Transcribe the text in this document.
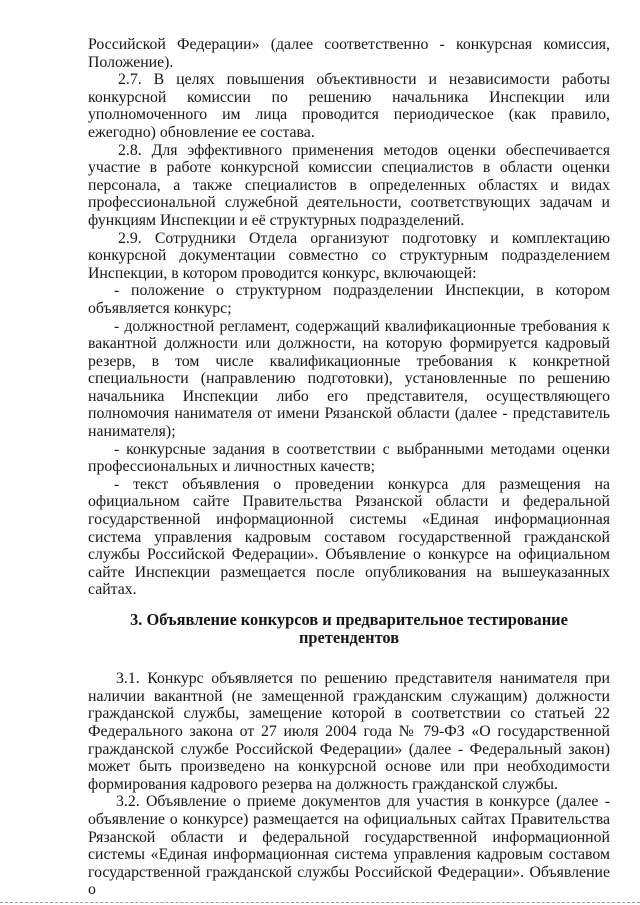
Российской Федерации» (далее соответственно - конкурсная комиссия, Положение).

2.7. В целях повышения объективности и независимости работы конкурсной комиссии по решению начальника Инспекции или уполномоченного им лица проводится периодическое (как правило, ежегодно) обновление ее состава.

2.8. Для эффективного применения методов оценки обеспечивается участие в работе конкурсной комиссии специалистов в области оценки персонала, а также специалистов в определенных областях и видах профессиональной служебной деятельности, соответствующих задачам и функциям Инспекции и её структурных подразделений.

2.9. Сотрудники Отдела организуют подготовку и комплектацию конкурсной документации совместно со структурным подразделением Инспекции, в котором проводится конкурс, включающей:

- положение о структурном подразделении Инспекции, в котором объявляется конкурс;

- должностной регламент, содержащий квалификационные требования к вакантной должности или должности, на которую формируется кадровый резерв, в том числе квалификационные требования к конкретной специальности (направлению подготовки), установленные по решению начальника Инспекции либо его представителя, осуществляющего полномочия нанимателя от имени Рязанской области (далее - представитель нанимателя);

- конкурсные задания в соответствии с выбранными методами оценки профессиональных и личностных качеств;

- текст объявления о проведении конкурса для размещения на официальном сайте Правительства Рязанской области и федеральной государственной информационной системы «Единая информационная система управления кадровым составом государственной гражданской службы Российской Федерации». Объявление о конкурсе на официальном сайте Инспекции размещается после опубликования на вышеуказанных сайтах.

3. Объявление конкурсов и предварительное тестирование претендентов

3.1. Конкурс объявляется по решению представителя нанимателя при наличии вакантной (не замещенной гражданским служащим) должности гражданской службы, замещение которой в соответствии со статьей 22 Федерального закона от 27 июля 2004 года № 79-ФЗ «О государственной гражданской службе Российской Федерации» (далее - Федеральный закон) может быть произведено на конкурсной основе или при необходимости формирования кадрового резерва на должность гражданской службы.

3.2. Объявление о приеме документов для участия в конкурсе (далее - объявление о конкурсе) размещается на официальных сайтах Правительства Рязанской области и федеральной государственной информационной системы «Единая информационная система управления кадровым составом государственной гражданской службы Российской Федерации». Объявление о
